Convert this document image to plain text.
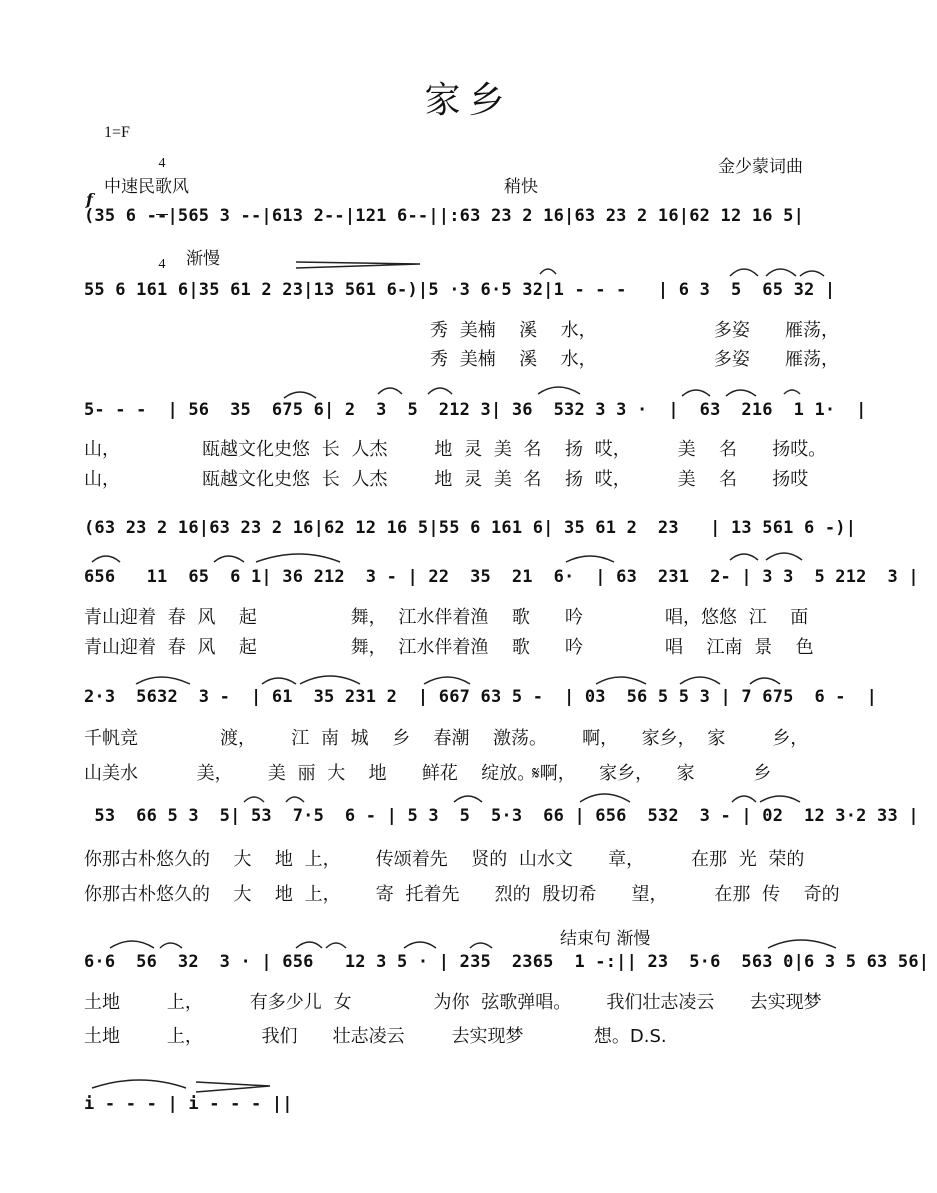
家乡
1=F

4

4

金少蒙词曲
f
中速民歌风	稍快
渐慢
结束句 渐慢
(35 6 --|565 3 --|613 2--|121 6--||:63 23 2 16|63 23 2 16|62 12 16 5|
55 6 161 6|35 61 2 23|13 561 6-)|5 ·3 6·5 32|1 - - -   | 6 3  5  65 32 |
5- - -  | 56  35  675 6| 2  3  5  212 3| 36  532 3 3 ·  |  63  216  1 1·  |
(63 23 2 16|63 23 2 16|62 12 16 5|55 6 161 6| 35 61 2  23   | 13 561 6 -)|
656   11  65  6 1| 36 212  3 - | 22  35  21  6·  | 63  231  2- | 3 3  5 212  3 |
2·3  5632  3 -  | 61  35 231 2  | 667 63 5 -  | 03  56 5 5 3 | 7 675  6 -  |
53  66 5 3  5| 53  7·5  6 - | 5 3  5  5·3  66 | 656  532  3 - | 02  12 3·2 33 |
6·6  56  32  3 · | 656   12 3 5 · | 235  2365  1 -:|| 23  5·6  563 0|6 3 5 63 56|
i - - - | i - - - ||
秀 美楠  溪  水，          多姿   雁荡，
秀 美楠  溪  水，          多姿   雁荡，
山，       瓯越文化史悠 长 人杰    地 灵 美 名  扬 哎，    美  名   扬哎。
山，       瓯越文化史悠 长 人杰    地 灵 美 名  扬 哎，    美  名   扬哎
青山迎着 春 风  起        舞， 江水伴着渔  歌   吟       唱，悠悠 江  面
青山迎着 春 风  起        舞， 江水伴着渔  歌   吟       唱  江南 景  色
千帆竞       渡，   江 南 城  乡  春潮  激荡。   啊，  家乡， 家    乡，
山美水     美，   美 丽 大  地   鲜花  绽放。
𝄋啊，  家乡，  家     乡
你那古朴悠久的  大  地 上，   传颂着先  贤的 山水文   章，    在那 光 荣的
你那古朴悠久的  大  地 上，   寄 托着先   烈的 殷切希   望，    在那 传  奇的
土地    上，    有多少儿 女       为你 弦歌弹唱。   我们壮志凌云   去实现梦
土地    上，     我们   壮志凌云    去实现梦      想。D.S.
